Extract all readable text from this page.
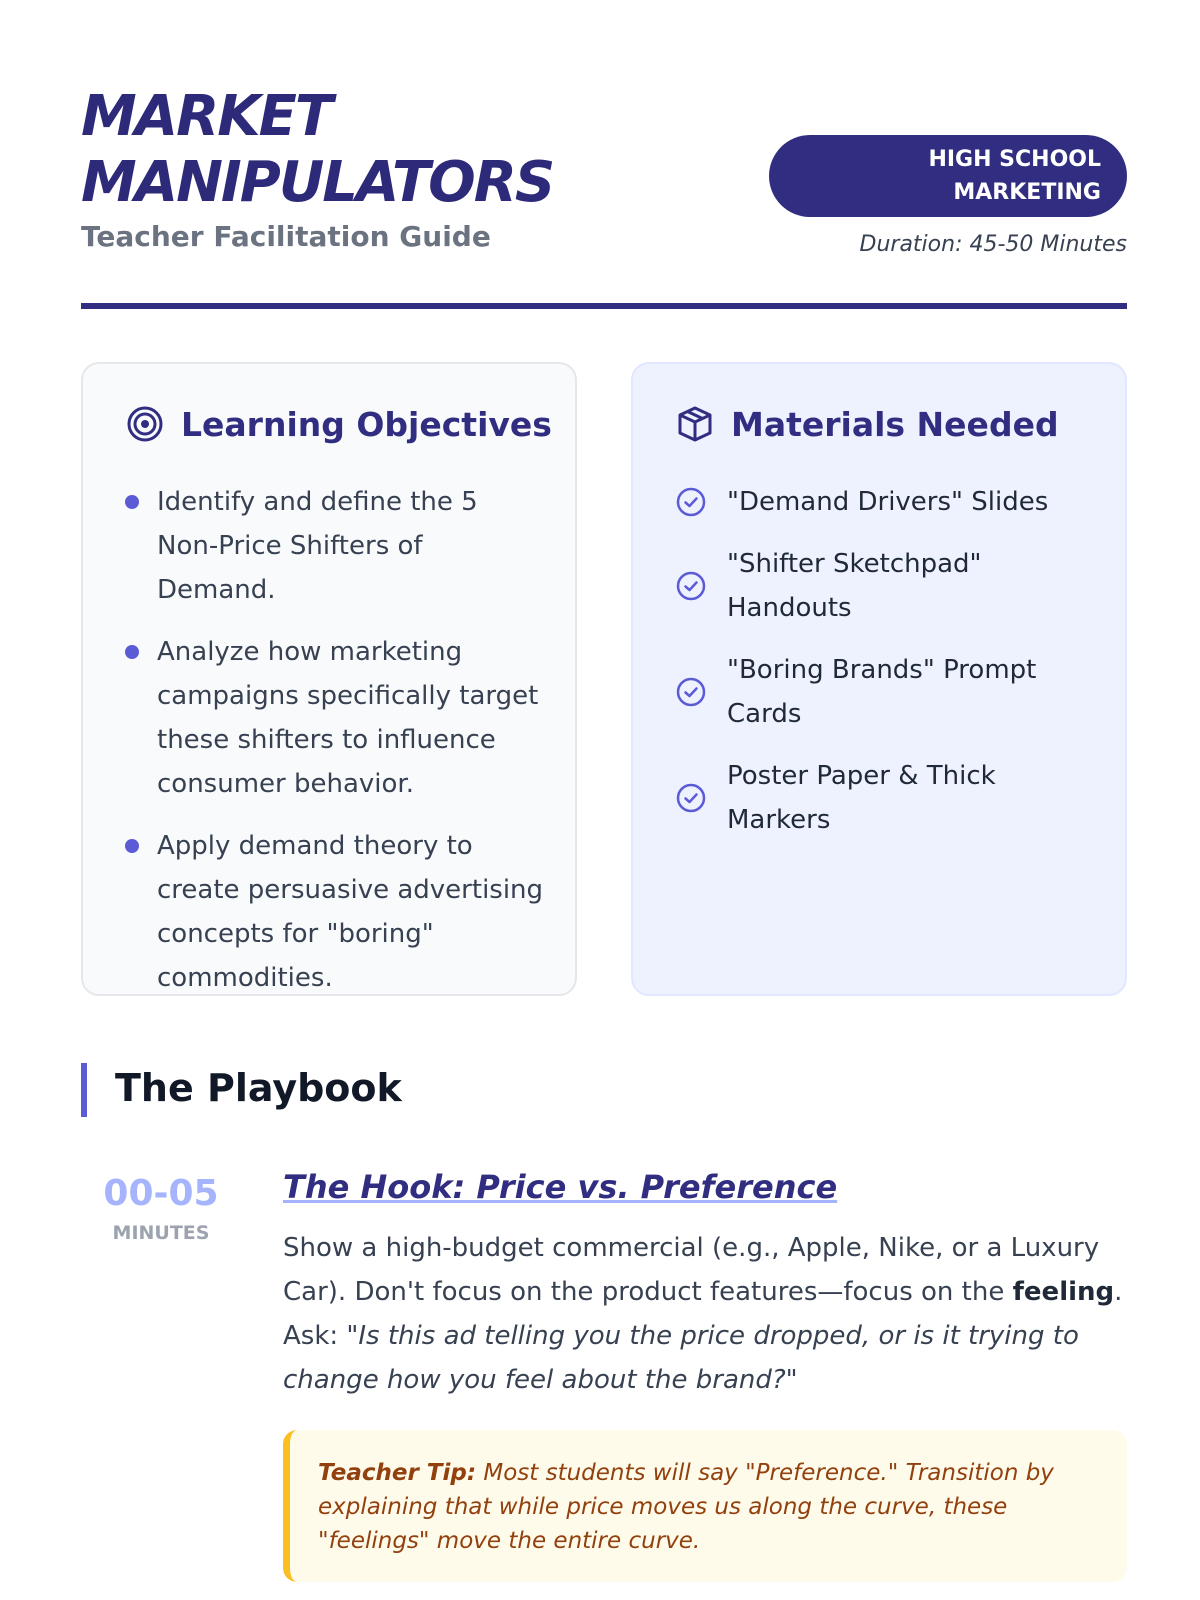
MARKET
MANIPULATORS
Teacher Facilitation Guide
HIGH SCHOOL
MARKETING
Duration: 45-50 Minutes
Learning Objectives
Identify and define the 5 Non-Price Shifters of Demand.
Analyze how marketing campaigns specifically target these shifters to influence consumer behavior.
Apply demand theory to create persuasive advertising concepts for "boring" commodities.
Materials Needed
"Demand Drivers" Slides
"Shifter Sketchpad" Handouts
"Boring Brands" Prompt Cards
Poster Paper & Thick Markers
The Playbook
00-05
MINUTES
The Hook: Price vs. Preference
Show a high-budget commercial (e.g., Apple, Nike, or a Luxury Car). Don't focus on the product features—focus on the feeling. Ask: "Is this ad telling you the price dropped, or is it trying to change how you feel about the brand?"
Teacher Tip: Most students will say "Preference." Transition by explaining that while price moves us along the curve, these "feelings" move the entire curve.
